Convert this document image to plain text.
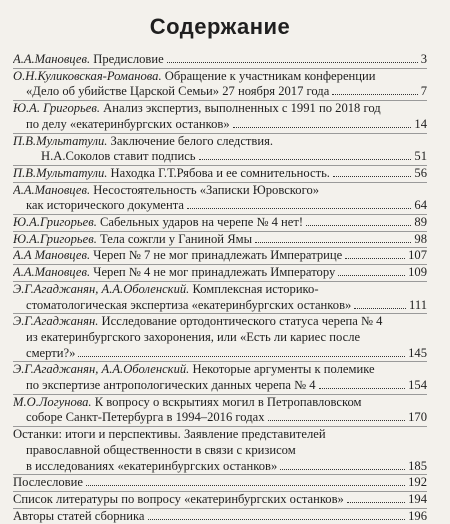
Содержание
А.А.Мановцев. Предисловие	3
О.Н.Куликовская-Романова. Обращение к участникам конференции
«Дело об убийстве Царской Семьи» 27 ноября 2017 года	7
Ю.А. Григорьев. Анализ экспертиз, выполненных с 1991 по 2018 год
по делу «екатеринбургских останков»	14
П.В.Мультатули. Заключение белого следствия.
Н.А.Соколов ставит подпись	51
П.В.Мультатули. Находка Г.Т.Рябова и ее сомнительность.	56
А.А.Мановцев. Несостоятельность «Записки Юровского»
как исторического документа	64
Ю.А.Григорьев. Сабельных ударов на черепе № 4 нет!	89
Ю.А.Григорьев. Тела сожгли у Ганиной Ямы	98
А.А Мановцев. Череп № 7 не мог принадлежать Императрице	107
А.А.Мановцев. Череп № 4 не мог принадлежать Императору	109
Э.Г.Агаджанян, А.А.Оболенский. Комплексная историко-
стоматологическая экспертиза «екатеринбургских останков»	111
Э.Г.Агаджанян. Исследование ортодонтического статуса черепа № 4
из екатеринбургского захоронения, или «Есть ли кариес после
смерти?»	145
Э.Г.Агаджанян, А.А.Оболенский. Некоторые аргументы к полемике
по экспертизе антропологических данных черепа № 4	154
М.О.Логунова. К вопросу о вскрытиях могил в Петропавловском
соборе Санкт-Петербурга в 1994–2016 годах	170
Останки: итоги и перспективы. Заявление представителей
православной общественности в связи с кризисом
в исследованиях «екатеринбургских останков»	185
Послесловие	192
Список литературы по вопросу «екатеринбургских останков»	194
Авторы статей сборника	196
